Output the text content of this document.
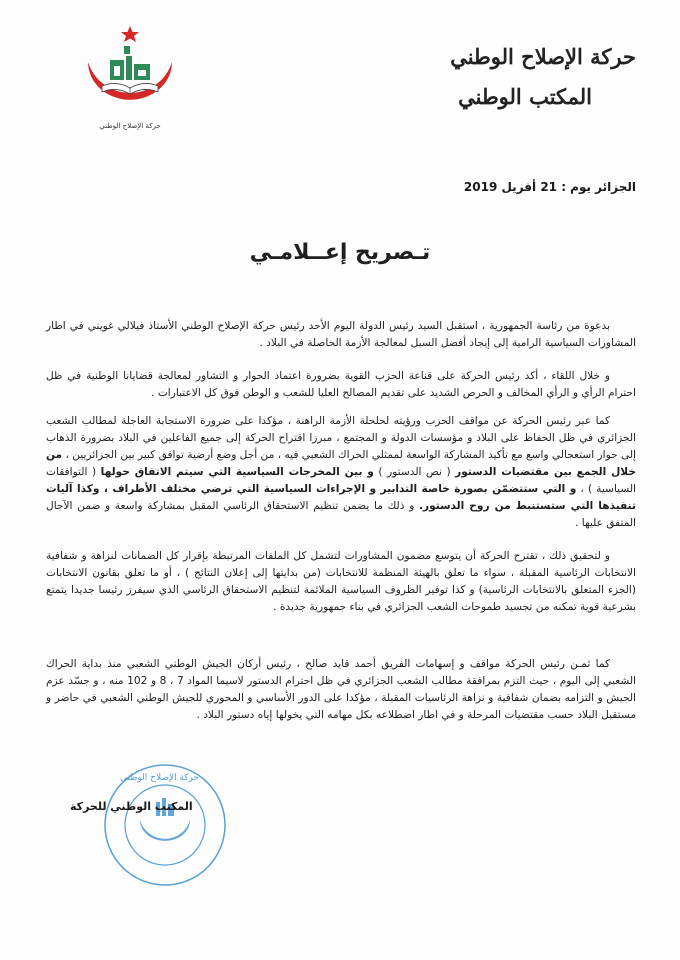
حركة الإصلاح الوطني
حركة الإصلاح الوطني
المكتب الوطني
الجزائر يوم : 21 أفريل 2019
تـصريح إعــلامـي

بدعوة من رئاسة الجمهورية ، استقبل السيد رئيس الدولة اليوم الأحد رئيس حركة الإصلاح الوطني الأستاذ فيلالي غويني في اطار المشاورات السياسية الرامية إلى إيجاد أفضل السبل لمعالجة الأزمة الحاصلة في البلاد .

و خلال اللقاء ، أكد رئيس الحركة على قناعة الحزب القوية بضرورة اعتماد الحوار و التشاور لمعالجة قضايانا الوطنية في ظل احترام الرأي و الرأي المخالف و الحرص الشديد على تقديم المصالح العليا للشعب و الوطن فوق كل الاعتبارات .

كما عبر رئيس الحركة عن مواقف الحزب ورؤيته لحلحلة الأزمة الراهنة ، مؤكدا على ضرورة الاستجابة العاجلة لمطالب الشعب الجزائري في ظل الحفاظ على البلاد و مؤسسات الدولة و المجتمع ، مبرزا اقتراح الحركة إلى جميع الفاعلين في البلاد بضرورة الذهاب إلى حوار استعجالي واسع مع تأكيد المشاركة الواسعة لممثلي الحراك الشعبي فيه ، من أجل وضع أرضية توافق كبير بين الجزائريين ، من خلال الجمع بين مقتضيات الدستور ( نص الدستور ) و بين المخرجات السياسية التي سيتم الاتفاق حولها ( التوافقات السياسية ) ، و التي ستتضمّن بصورة خاصة التدابير و الإجراءات السياسية التي ترضي مختلف الأطراف ، وكذا آليات تنفيذها التي ستستنبط من روح الدستور. و ذلك ما يضمن تنظيم الاستحقاق الرئاسي المقبل بمشاركة واسعة و ضمن الآجال المتفق عليها .

و لتحقيق ذلك ، تقترح الحركة أن يتوسع مضمون المشاورات لتشمل كل الملفات المرتبطة بإقرار كل الضمانات لنزاهة و شفافية الانتخابات الرئاسية المقبلة ، سواء ما تعلق بالهيئة المنظمة للانتخابات (من بدايتها إلى إعلان النتائج ) ، أو ما تعلق بقانون الانتخابات (الجزء المتعلق بالانتخابات الرئاسية) و كذا توفير الظروف السياسية الملائمة لتنظيم الاستحقاق الرئاسي الذي سيفرز رئيسا جديدا يتمتع بشرعية قوية تمكنه من تجسيد طموحات الشعب الجزائري في بناء جمهورية جديدة .

كما ثمـن رئيس الحركة مواقف و إسهامات الفريق أحمد قايد صالح ، رئيس أركان الجيش الوطني الشعبي منذ بداية الحراك الشعبي إلى اليوم ، حيث التزم بمرافقة مطالب الشعب الجزائري في ظل احترام الدستور لاسيما المواد 7 ، 8 و 102 منه ، و جسّد عزم الجيش و التزامه بضمان شفافية و نزاهة الرئاسيات المقبلة ، مؤكدا على الدور الأساسي و المحوري للجيش الوطني الشعبي في حاضر و مستقبل البلاد حسب مقتضيات المرحلة و في اطار اضطلاعه بكل مهامه التي يخولها إياه دستور البلاد .

حركة الإصلاح الوطني
المكتب الوطني للحركة
